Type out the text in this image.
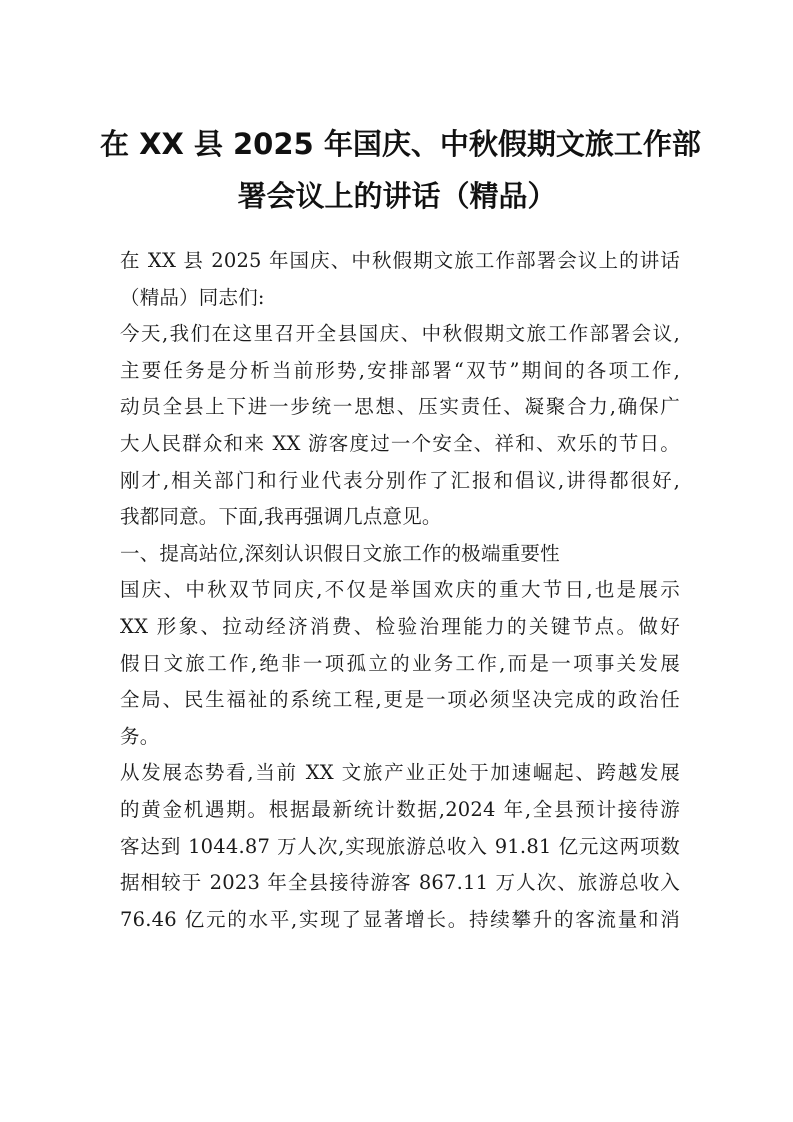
在 XX 县 2025 年国庆、中秋假期文旅工作部
署会议上的讲话（精品）
在 XX 县 2025 年国庆、中秋假期文旅工作部署会议上的讲话
（精品）同志们:
今天,我们在这里召开全县国庆、中秋假期文旅工作部署会议,
主要任务是分析当前形势,安排部署“双节”期间的各项工作,
动员全县上下进一步统一思想、压实责任、凝聚合力,确保广
大人民群众和来 XX 游客度过一个安全、祥和、欢乐的节日。
刚才,相关部门和行业代表分别作了汇报和倡议,讲得都很好,
我都同意。下面,我再强调几点意见。
一、提高站位,深刻认识假日文旅工作的极端重要性
国庆、中秋双节同庆,不仅是举国欢庆的重大节日,也是展示
XX 形象、拉动经济消费、检验治理能力的关键节点。做好
假日文旅工作,绝非一项孤立的业务工作,而是一项事关发展
全局、民生福祉的系统工程,更是一项必须坚决完成的政治任
务。
从发展态势看,当前 XX 文旅产业正处于加速崛起、跨越发展
的黄金机遇期。根据最新统计数据,2024 年,全县预计接待游
客达到 1044.87 万人次,实现旅游总收入 91.81 亿元这两项数
据相较于 2023 年全县接待游客 867.11 万人次、旅游总收入
76.46 亿元的水平,实现了显著增长。持续攀升的客流量和消
